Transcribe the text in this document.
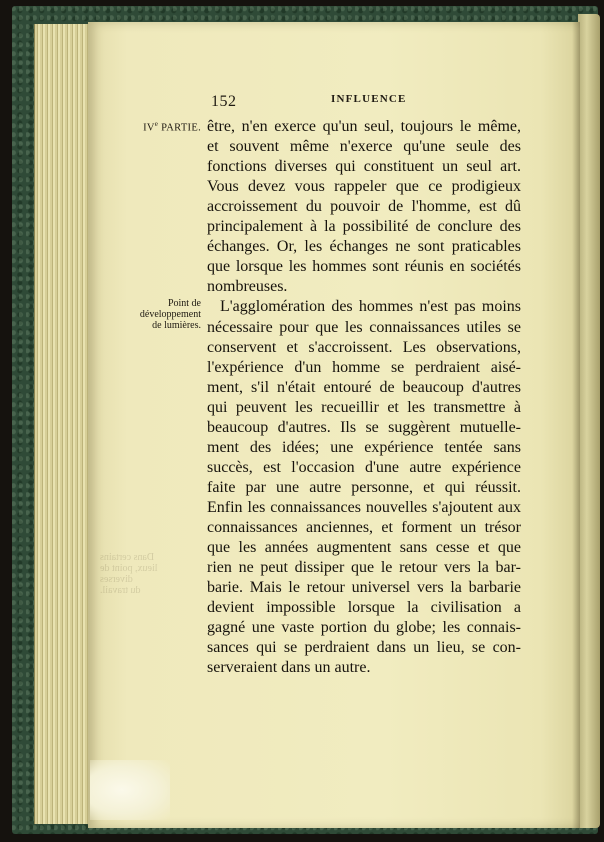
Dans certains
lieux, point de
diverses
du travail.
152	INFLUENCE
IVe PARTIE.
Point de
développement
de lumières.

être, n'en exerce qu'un seul, toujours le même,

et souvent même n'exerce qu'une seule des

fonctions diverses qui constituent un seul art.

Vous devez vous rappeler que ce prodigieux

accroissement du pouvoir de l'homme, est dû

principalement à la possibilité de conclure des

échanges. Or, les échanges ne sont praticables

que lorsque les hommes sont réunis en sociétés

nombreuses.

L'agglomération des hommes n'est pas moins

nécessaire pour que les connaissances utiles se

conservent et s'accroissent. Les observations,

l'expérience d'un homme se perdraient aisé-

ment, s'il n'était entouré de beaucoup d'autres

qui peuvent les recueillir et les transmettre à

beaucoup d'autres. Ils se suggèrent mutuelle-

ment des idées; une expérience tentée sans

succès, est l'occasion d'une autre expérience

faite par une autre personne, et qui réussit.

Enfin les connaissances nouvelles s'ajoutent aux

connaissances anciennes, et forment un trésor

que les années augmentent sans cesse et que

rien ne peut dissiper que le retour vers la bar-

barie. Mais le retour universel vers la barbarie

devient impossible lorsque la civilisation a

gagné une vaste portion du globe; les connais-

sances qui se perdraient dans un lieu, se con-

serveraient dans un autre.
